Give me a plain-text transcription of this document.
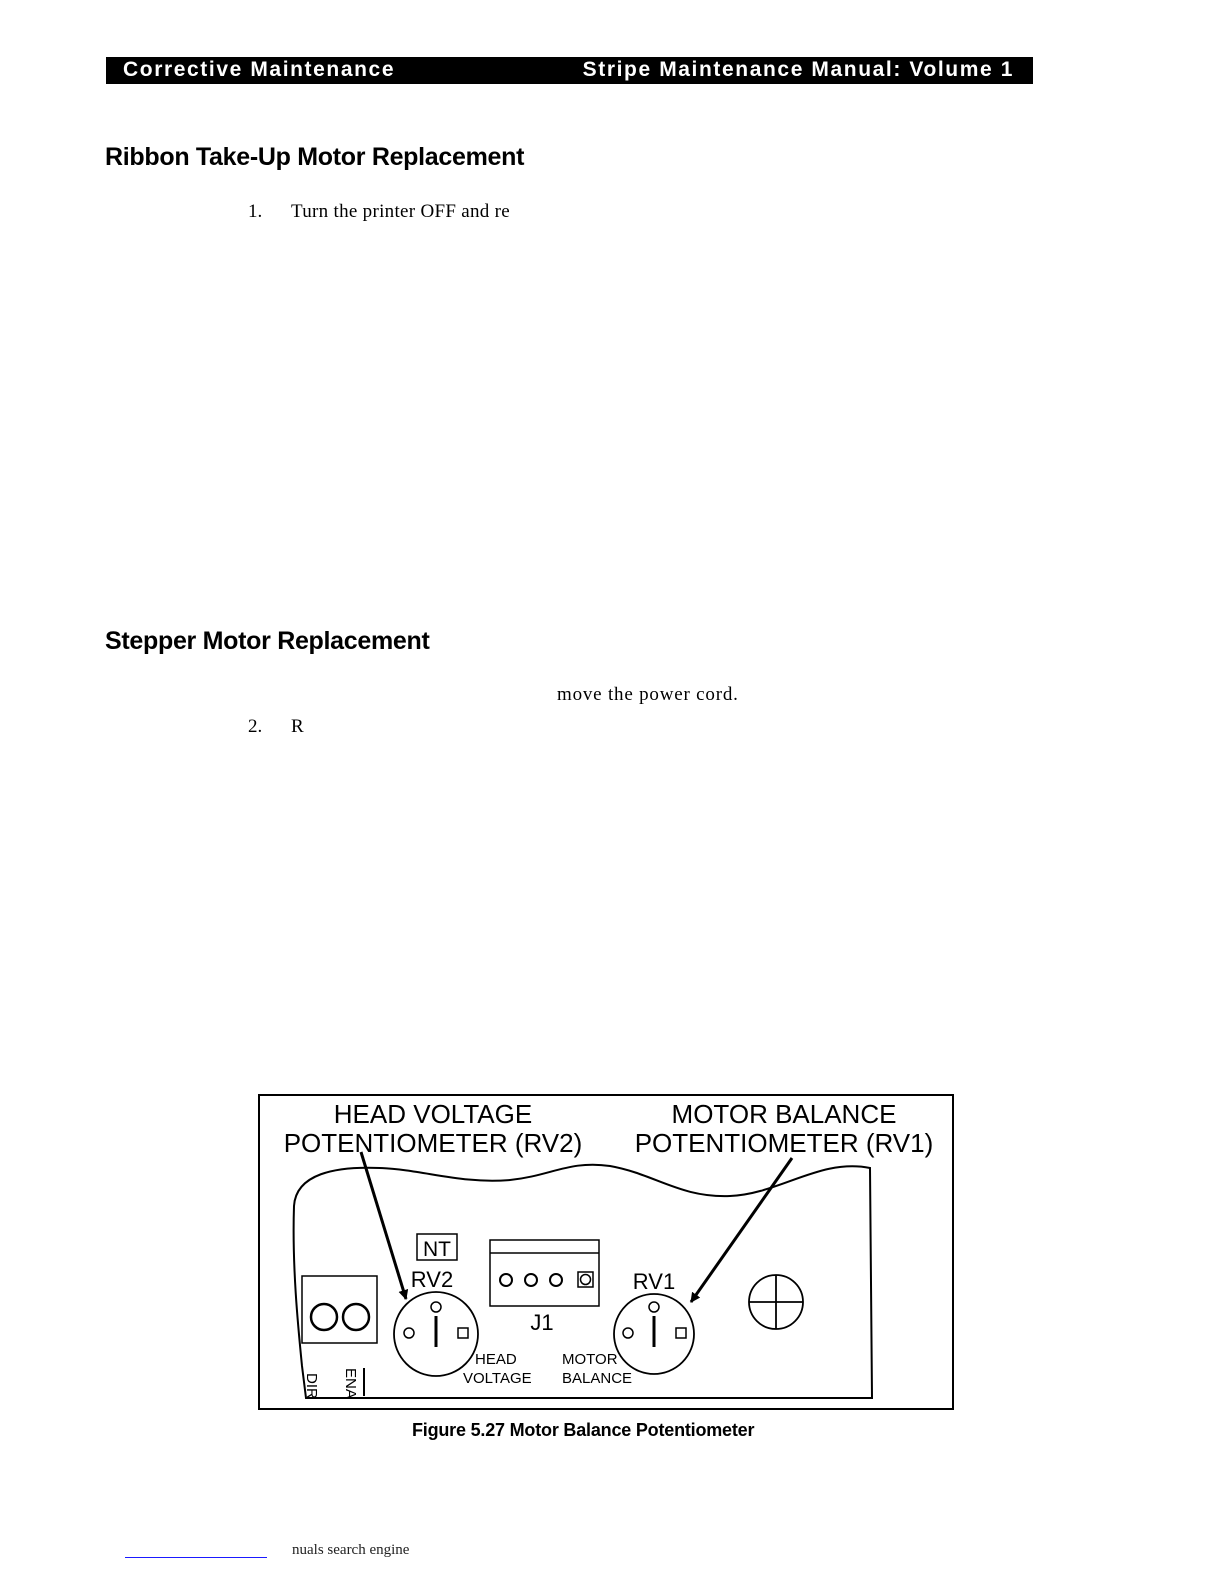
Corrective Maintenance	Stripe Maintenance Manual: Volume 1
Ribbon Take-Up Motor Replacement
1. Turn the printer OFF and re
Stepper Motor Replacement
move the power cord.
2. R
HEAD VOLTAGE
POTENTIOMETER (RV2)
MOTOR BALANCE
POTENTIOMETER (RV1)
DIR ENA
NT
RV2
HEAD
VOLTAGE
J1
RV1
MOTOR
BALANCE
Figure 5.27 Motor Balance Potentiometer
nuals search engine
